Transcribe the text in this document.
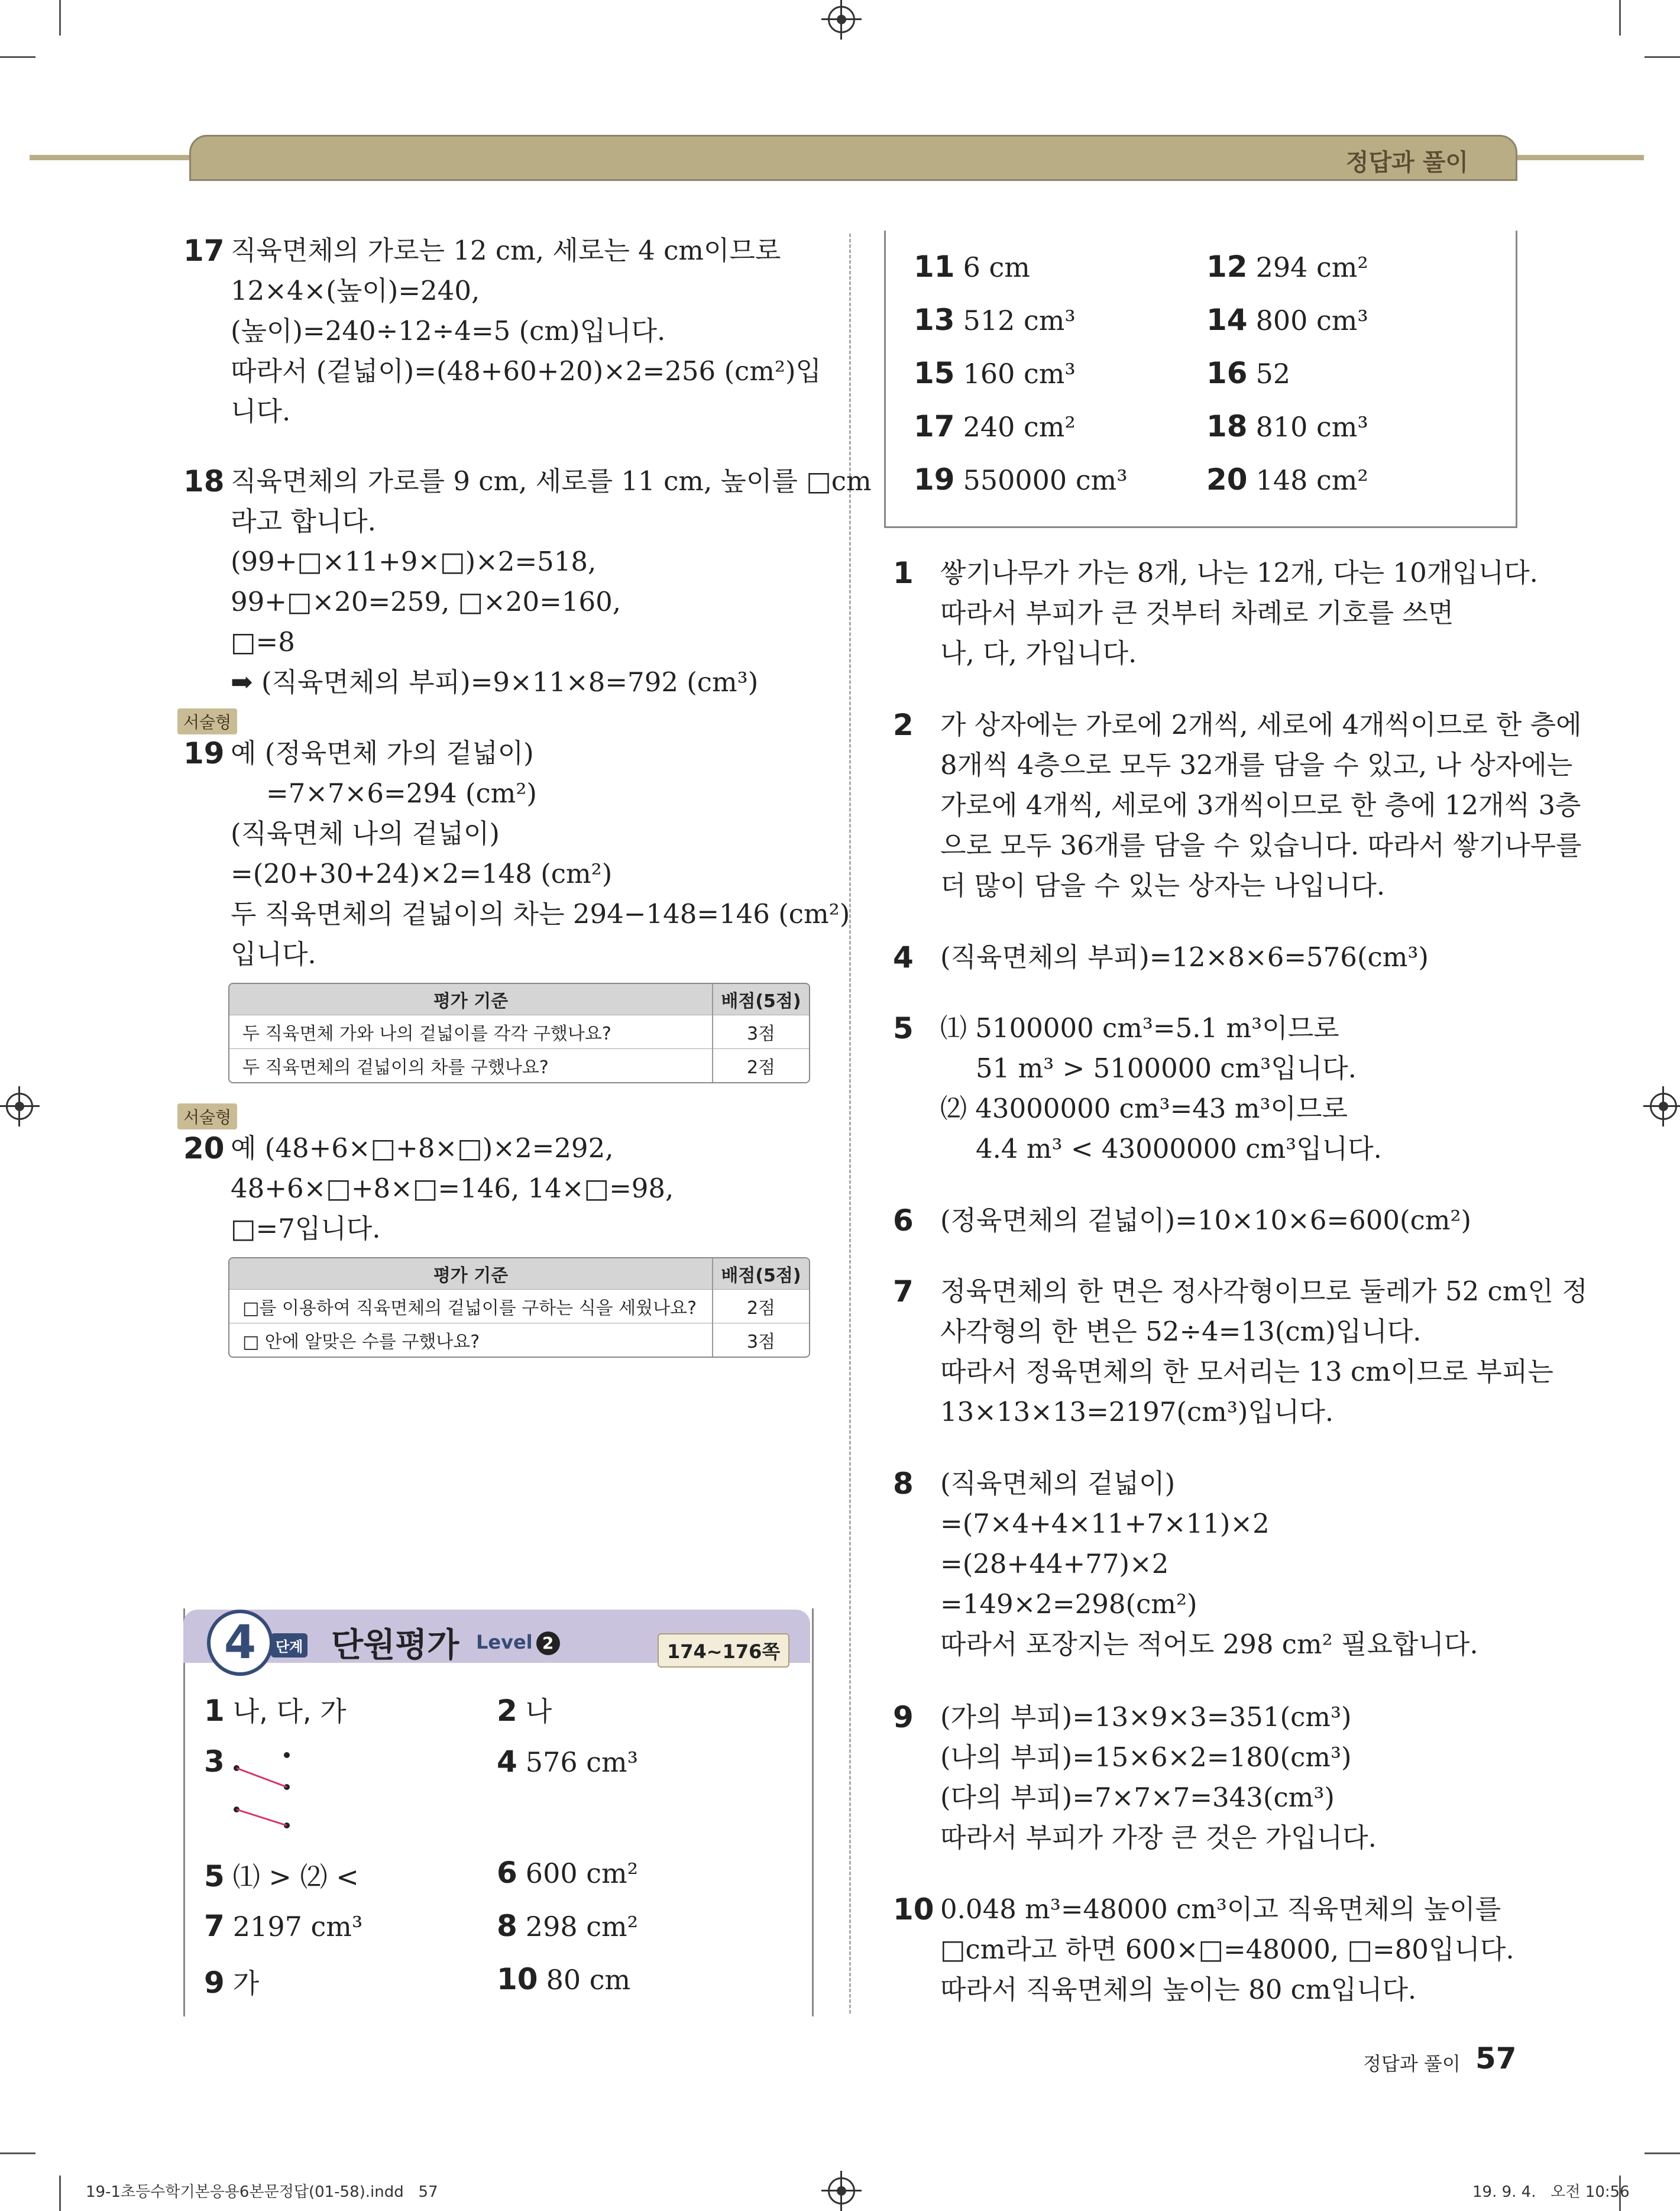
정답과 풀이
17 직육면체의 가로는 12 cm, 세로는 4 cm이므로
12×4×(높이)=240,
(높이)=240÷12÷4=5 (cm)입니다.
따라서 (겉넓이)=(48+60+20)×2=256 (cm²)입
니다.
18 직육면체의 가로를 9 cm, 세로를 11 cm, 높이를 □cm
라고 합니다.
(99+□×11+9×□)×2=518,
99+□×20=259, □×20=160,
□=8
➡ (직육면체의 부피)=9×11×8=792 (cm³)
서술형
19 예 (정육면체 가의 겉넓이)
=7×7×6=294 (cm²)
(직육면체 나의 겉넓이)
=(20+30+24)×2=148 (cm²)
두 직육면체의 겉넓이의 차는 294−148=146 (cm²)
입니다.
평가 기준	배점(5점)
두 직육면체 가와 나의 겉넓이를 각각 구했나요?	3점
두 직육면체의 겉넓이의 차를 구했나요?	2점
서술형
20 예 (48+6×□+8×□)×2=292,
48+6×□+8×□=146, 14×□=98,
□=7입니다.
평가 기준	배점(5점)
□를 이용하여 직육면체의 겉넓이를 구하는 식을 세웠나요?	2점
□ 안에 알맞은 수를 구했나요?	3점
4	단계 단원평가 Level 2	174~176쪽
1 나, 다, 가	2 나
3	4 576 cm³
5 ⑴ > ⑵ <	6 600 cm²
7 2197 cm³	8 298 cm²
9 가	10 80 cm
11 6 cm	12 294 cm²
13 512 cm³	14 800 cm³
15 160 cm³	16 52
17 240 cm²	18 810 cm³
19 550000 cm³	20 148 cm²
1 쌓기나무가 가는 8개, 나는 12개, 다는 10개입니다.
따라서 부피가 큰 것부터 차례로 기호를 쓰면
나, 다, 가입니다.
2 가 상자에는 가로에 2개씩, 세로에 4개씩이므로 한 층에
8개씩 4층으로 모두 32개를 담을 수 있고, 나 상자에는
가로에 4개씩, 세로에 3개씩이므로 한 층에 12개씩 3층
으로 모두 36개를 담을 수 있습니다. 따라서 쌓기나무를
더 많이 담을 수 있는 상자는 나입니다.
4 (직육면체의 부피)=12×8×6=576(cm³)
5 ⑴ 5100000 cm³=5.1 m³이므로
51 m³ > 5100000 cm³입니다.
⑵ 43000000 cm³=43 m³이므로
4.4 m³ < 43000000 cm³입니다.
6 (정육면체의 겉넓이)=10×10×6=600(cm²)
7 정육면체의 한 면은 정사각형이므로 둘레가 52 cm인 정
사각형의 한 변은 52÷4=13(cm)입니다.
따라서 정육면체의 한 모서리는 13 cm이므로 부피는
13×13×13=2197(cm³)입니다.
8 (직육면체의 겉넓이)
=(7×4+4×11+7×11)×2
=(28+44+77)×2
=149×2=298(cm²)
따라서 포장지는 적어도 298 cm² 필요합니다.
9 (가의 부피)=13×9×3=351(cm³)
(나의 부피)=15×6×2=180(cm³)
(다의 부피)=7×7×7=343(cm³)
따라서 부피가 가장 큰 것은 가입니다.
10 0.048 m³=48000 cm³이고 직육면체의 높이를
□cm라고 하면 600×□=48000, □=80입니다.
따라서 직육면체의 높이는 80 cm입니다.
정답과 풀이 57
19-1초등수학기본응용6본문정답(01-58).indd   57	19. 9. 4.   오전 10:56
